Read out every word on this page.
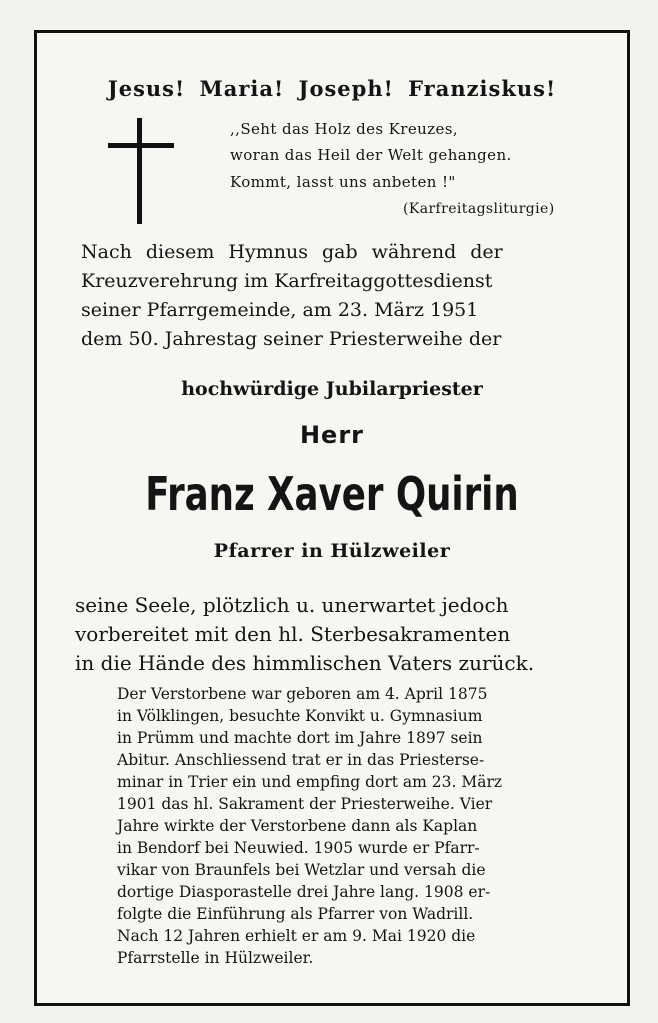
Jesus! Maria! Joseph! Franziskus!
,,Seht das Holz des Kreuzes,
woran das Heil der Welt gehangen.
Kommt, lasst uns anbeten !"
(Karfreitagsliturgie)
Nach diesem Hymnus gab während der
Kreuzverehrung im Karfreitaggottesdienst
seiner Pfarrgemeinde, am 23. März 1951
dem 50. Jahrestag seiner Priesterweihe der
hochwürdige Jubilarpriester
Herr
Franz Xaver Quirin
Pfarrer in Hülzweiler
seine Seele, plötzlich u. unerwartet jedoch
vorbereitet mit den hl. Sterbesakramenten
in die Hände des himmlischen Vaters zurück.
Der Verstorbene war geboren am 4. April 1875
in Völklingen, besuchte Konvikt u. Gymnasium
in Prümm und machte dort im Jahre 1897 sein
Abitur. Anschliessend trat er in das Priesterse-
minar in Trier ein und empfing dort am 23. März
1901 das hl. Sakrament der Priesterweihe. Vier
Jahre wirkte der Verstorbene dann als Kaplan
in Bendorf bei Neuwied. 1905 wurde er Pfarr-
vikar von Braunfels bei Wetzlar und versah die
dortige Diasporastelle drei Jahre lang. 1908 er-
folgte die Einführung als Pfarrer von Wadrill.
Nach 12 Jahren erhielt er am 9. Mai 1920 die
Pfarrstelle in Hülzweiler.
